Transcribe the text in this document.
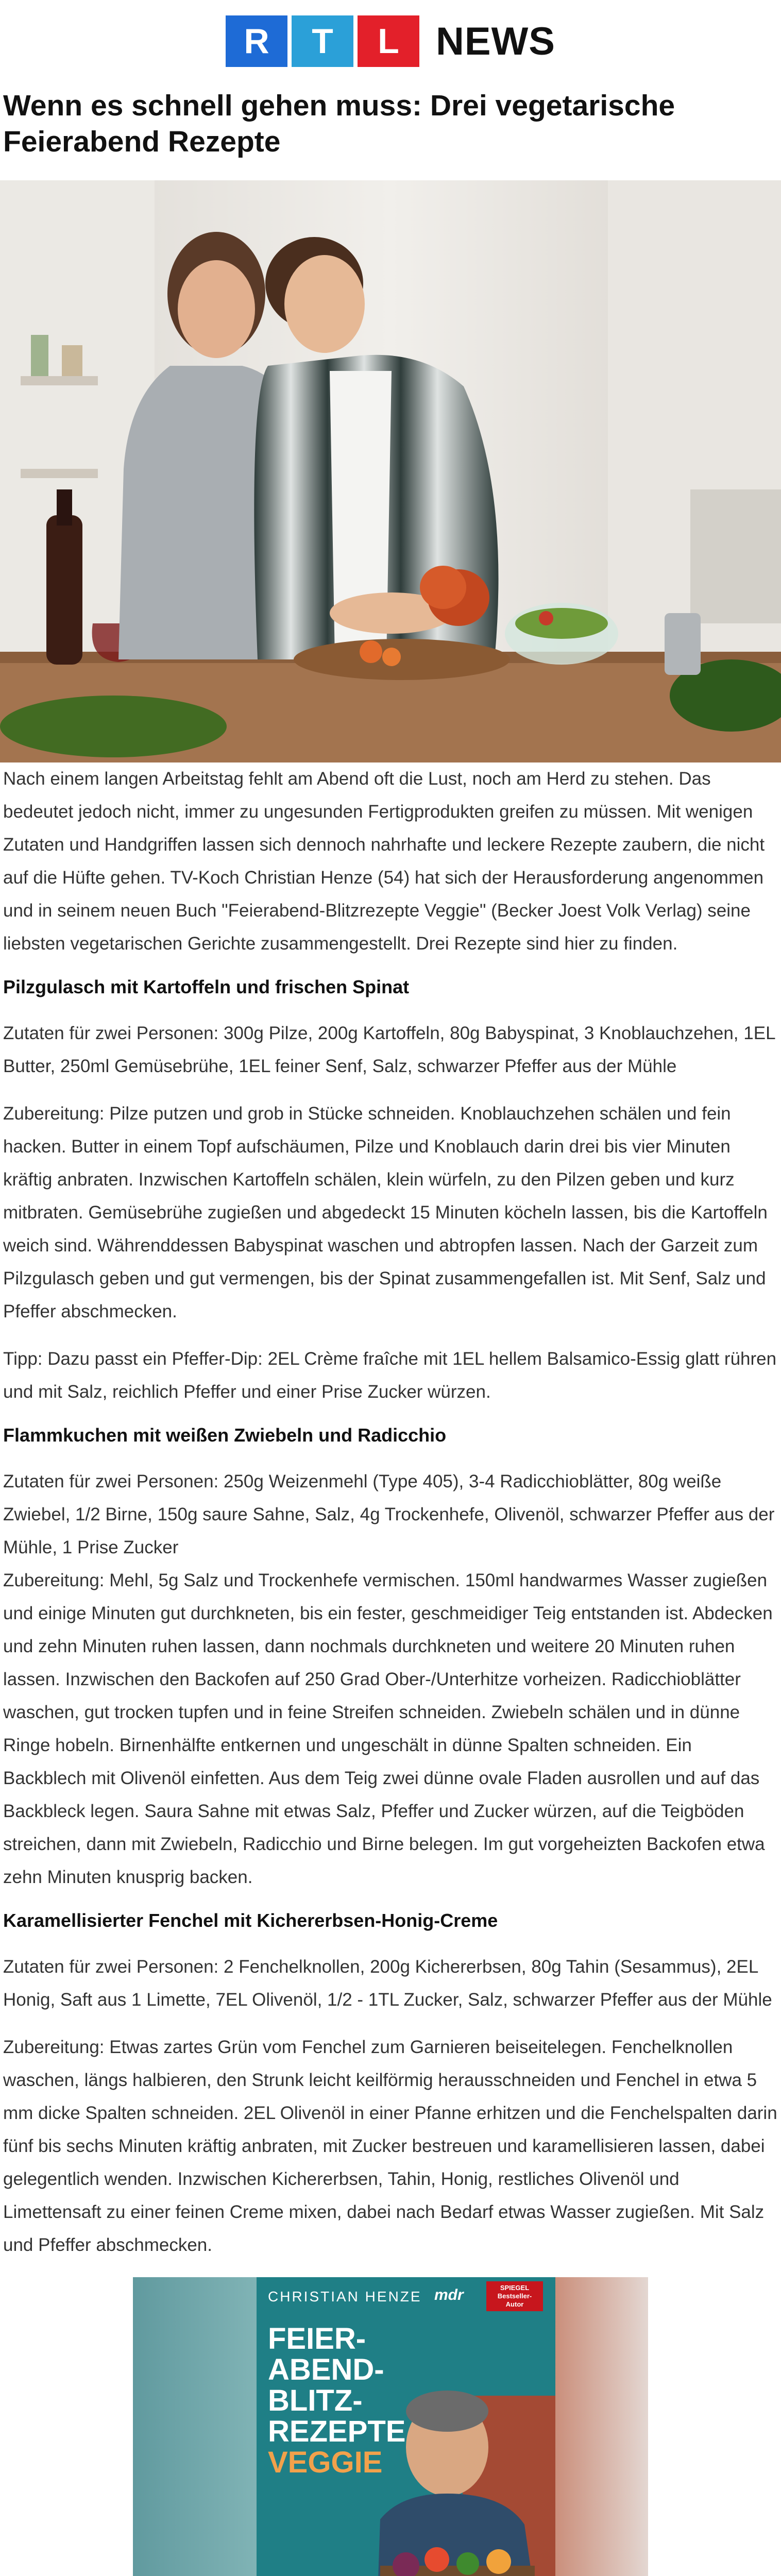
R	T	L NEWS
Wenn es schnell gehen muss: Drei vegetarische Feierabend Rezepte

Nach einem langen Arbeitstag fehlt am Abend oft die Lust, noch am Herd zu stehen. Das bedeutet jedoch nicht, immer zu ungesunden Fertigprodukten greifen zu müssen. Mit wenigen Zutaten und Handgriffen lassen sich dennoch nahrhafte und leckere Rezepte zaubern, die nicht auf die Hüfte gehen. TV-Koch Christian Henze (54) hat sich der Herausforderung angenommen und in seinem neuen Buch "Feierabend-Blitzrezepte Veggie" (Becker Joest Volk Verlag) seine liebsten vegetarischen Gerichte zusammengestellt. Drei Rezepte sind hier zu finden.

Pilzgulasch mit Kartoffeln und frischen Spinat

Zutaten für zwei Personen: 300g Pilze, 200g Kartoffeln, 80g Babyspinat, 3 Knoblauchzehen, 1EL Butter, 250ml Gemüsebrühe, 1EL feiner Senf, Salz, schwarzer Pfeffer aus der Mühle

Zubereitung: Pilze putzen und grob in Stücke schneiden. Knoblauchzehen schälen und fein hacken. Butter in einem Topf aufschäumen, Pilze und Knoblauch darin drei bis vier Minuten kräftig anbraten. Inzwischen Kartoffeln schälen, klein würfeln, zu den Pilzen geben und kurz mitbraten. Gemüsebrühe zugießen und abgedeckt 15 Minuten köcheln lassen, bis die Kartoffeln weich sind. Währenddessen Babyspinat waschen und abtropfen lassen. Nach der Garzeit zum Pilzgulasch geben und gut vermengen, bis der Spinat zusammengefallen ist. Mit Senf, Salz und Pfeffer abschmecken.

Tipp: Dazu passt ein Pfeffer-Dip: 2EL Crème fraîche mit 1EL hellem Balsamico-Essig glatt rühren und mit Salz, reichlich Pfeffer und einer Prise Zucker würzen.

Flammkuchen mit weißen Zwiebeln und Radicchio

Zutaten für zwei Personen: 250g Weizenmehl (Type 405), 3-4 Radicchioblätter, 80g weiße Zwiebel, 1/2 Birne, 150g saure Sahne, Salz, 4g Trockenhefe, Olivenöl, schwarzer Pfeffer aus der Mühle, 1 Prise Zucker

Zubereitung: Mehl, 5g Salz und Trockenhefe vermischen. 150ml handwarmes Wasser zugießen und einige Minuten gut durchkneten, bis ein fester, geschmeidiger Teig entstanden ist. Abdecken und zehn Minuten ruhen lassen, dann nochmals durchkneten und weitere 20 Minuten ruhen lassen. Inzwischen den Backofen auf 250 Grad Ober-/Unterhitze vorheizen. Radicchioblätter waschen, gut trocken tupfen und in feine Streifen schneiden. Zwiebeln schälen und in dünne Ringe hobeln. Birnenhälfte entkernen und ungeschält in dünne Spalten schneiden. Ein Backblech mit Olivenöl einfetten. Aus dem Teig zwei dünne ovale Fladen ausrollen und auf das Backbleck legen. Saura Sahne mit etwas Salz, Pfeffer und Zucker würzen, auf die Teigböden streichen, dann mit Zwiebeln, Radicchio und Birne belegen. Im gut vorgeheizten Backofen etwa zehn Minuten knusprig backen.

Karamellisierter Fenchel mit Kichererbsen-Honig-Creme

Zutaten für zwei Personen: 2 Fenchelknollen, 200g Kichererbsen, 80g Tahin (Sesammus), 2EL Honig, Saft aus 1 Limette, 7EL Olivenöl, 1/2 - 1TL Zucker, Salz, schwarzer Pfeffer aus der Mühle

Zubereitung: Etwas zartes Grün vom Fenchel zum Garnieren beiseitelegen. Fenchelknollen waschen, längs halbieren, den Strunk leicht keilförmig herausschneiden und Fenchel in etwa 5 mm dicke Spalten schneiden. 2EL Olivenöl in einer Pfanne erhitzen und die Fenchelspalten darin fünf bis sechs Minuten kräftig anbraten, mit Zucker bestreuen und karamellisieren lassen, dabei gelegentlich wenden. Inzwischen Kichererbsen, Tahin, Honig, restliches Olivenöl und Limettensaft zu einer feinen Creme mixen, dabei nach Bedarf etwas Wasser zugießen. Mit Salz und Pfeffer abschmecken.

CHRISTIAN HENZE mdr	SPIEGEL Bestseller-Autor
FEIER-
ABEND-
BLITZ-
REZEPTE
VEGGIE
